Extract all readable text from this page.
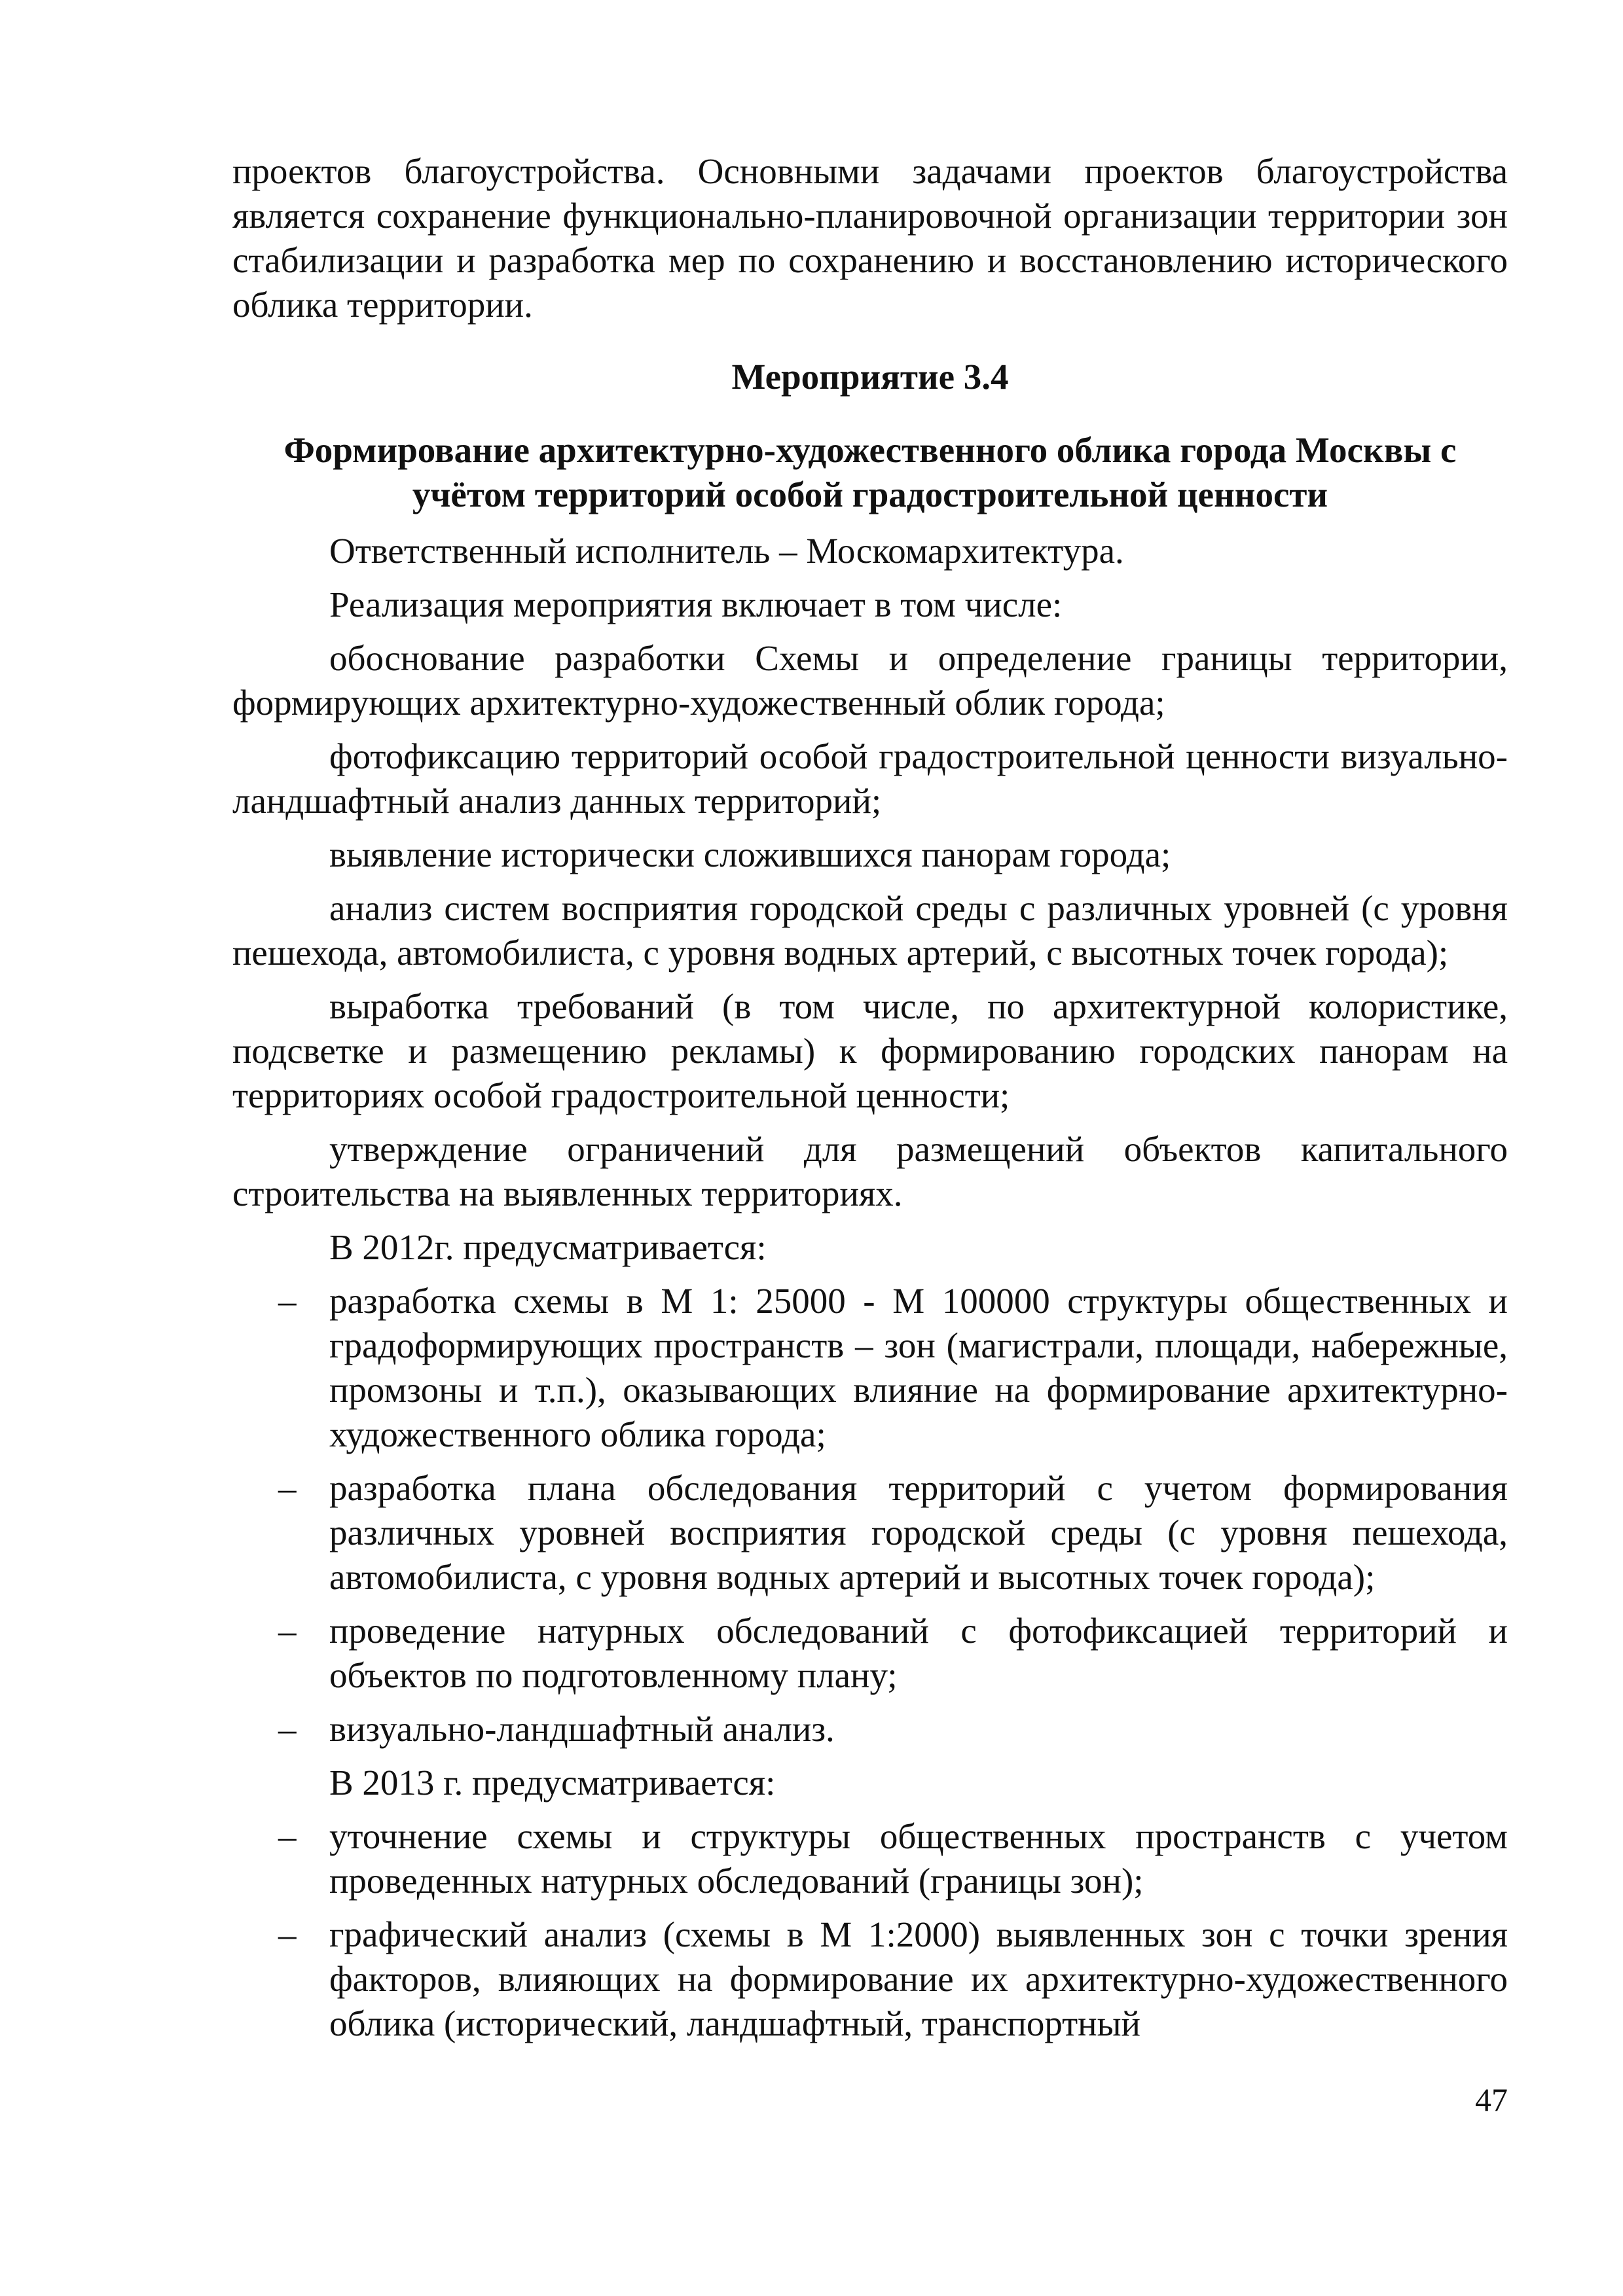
проектов благоустройства. Основными задачами проектов благоустройства является сохранение функционально-планировочной организации территории зон стабилизации и разработка мер по сохранению и восстановлению исторического облика территории.

Мероприятие 3.4

Формирование архитектурно-художественного облика города Москвы с учётом территорий особой градостроительной ценности

Ответственный исполнитель – Москомархитектура.

Реализация мероприятия включает в том числе:

обоснование разработки Схемы и определение границы территории, формирующих архитектурно-художественный облик города;

фотофиксацию территорий особой градостроительной ценности визуально-ландшафтный анализ данных территорий;

выявление исторически сложившихся панорам города;

анализ систем восприятия городской среды с различных уровней (с уровня пешехода, автомобилиста, с уровня водных артерий, с высотных точек города);

выработка требований (в том числе, по архитектурной колористике, подсветке и размещению рекламы) к формированию городских панорам на территориях особой градостроительной ценности;

утверждение ограничений для размещений объектов капитального строительства на выявленных территориях.

В 2012г. предусматривается:

– разработка схемы в М 1: 25000 - М 100000 структуры общественных и градоформирующих пространств – зон (магистрали, площади, набережные, промзоны и т.п.), оказывающих влияние на формирование архитектурно-художественного облика города;
– разработка плана обследования территорий с учетом формирования различных уровней восприятия городской среды (с уровня пешехода, автомобилиста, с уровня водных артерий и высотных точек города);
– проведение натурных обследований с фотофиксацией территорий и объектов по подготовленному плану;
– визуально-ландшафтный анализ.

В 2013 г. предусматривается:

– уточнение схемы и структуры общественных пространств с учетом проведенных натурных обследований (границы зон);
– графический анализ (схемы в М 1:2000) выявленных зон с точки зрения факторов, влияющих на формирование их архитектурно-художественного облика (исторический, ландшафтный, транспортный
47
